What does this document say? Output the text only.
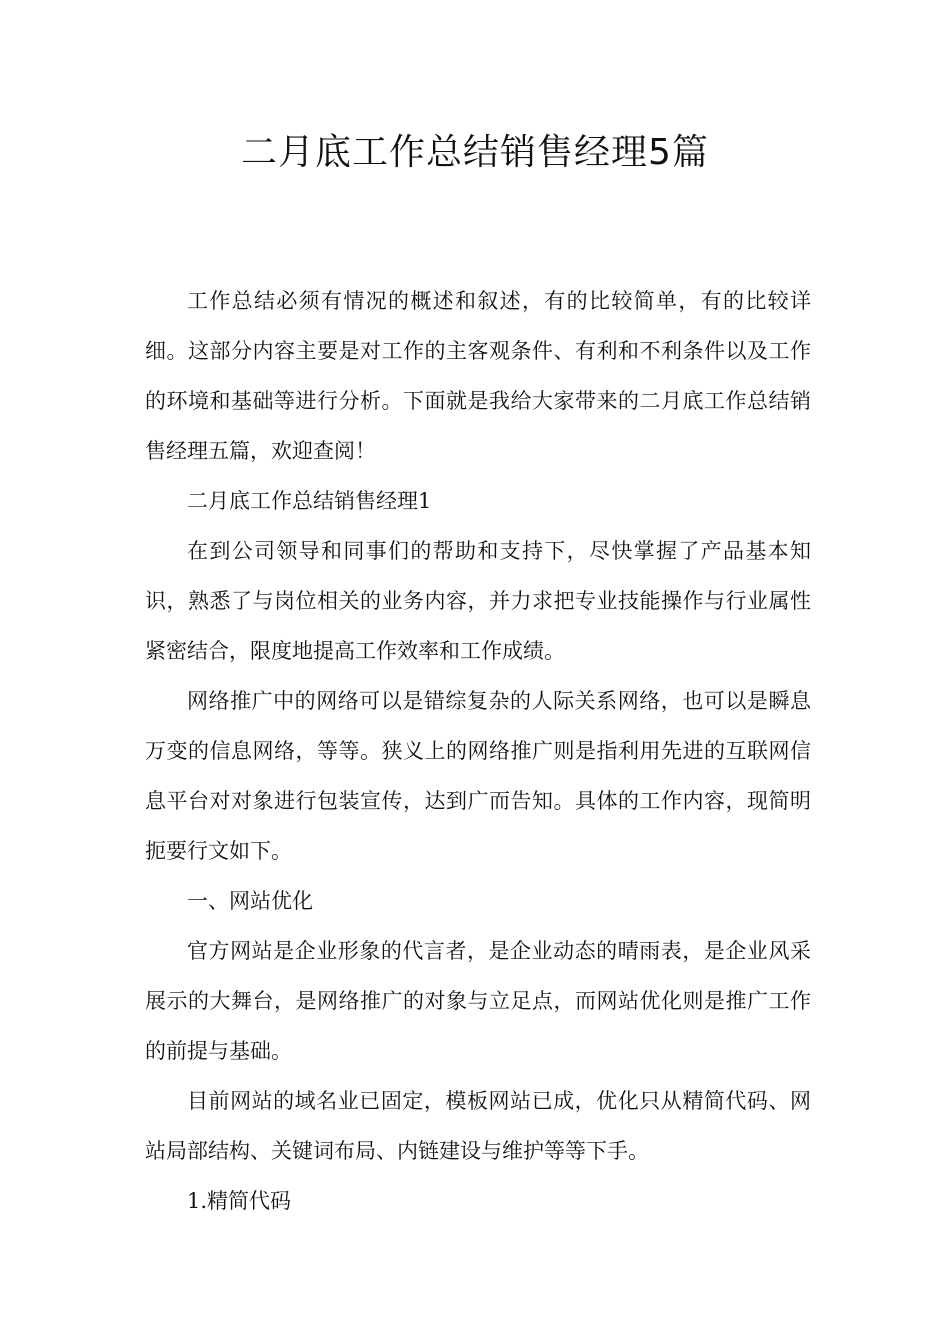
二月底工作总结销售经理5篇

工作总结必须有情况的概述和叙述，有的比较简单，有的比较详细。这部分内容主要是对工作的主客观条件、有利和不利条件以及工作的环境和基础等进行分析。下面就是我给大家带来的二月底工作总结销售经理五篇，欢迎查阅！

二月底工作总结销售经理1

在到公司领导和同事们的帮助和支持下，尽快掌握了产品基本知识，熟悉了与岗位相关的业务内容，并力求把专业技能操作与行业属性紧密结合，限度地提高工作效率和工作成绩。

网络推广中的网络可以是错综复杂的人际关系网络，也可以是瞬息万变的信息网络，等等。狭义上的网络推广则是指利用先进的互联网信息平台对对象进行包装宣传，达到广而告知。具体的工作内容，现简明扼要行文如下。

一、网站优化

官方网站是企业形象的代言者，是企业动态的晴雨表，是企业风采展示的大舞台，是网络推广的对象与立足点，而网站优化则是推广工作的前提与基础。

目前网站的域名业已固定，模板网站已成，优化只从精简代码、网站局部结构、关键词布局、内链建设与维护等等下手。

1.精简代码
